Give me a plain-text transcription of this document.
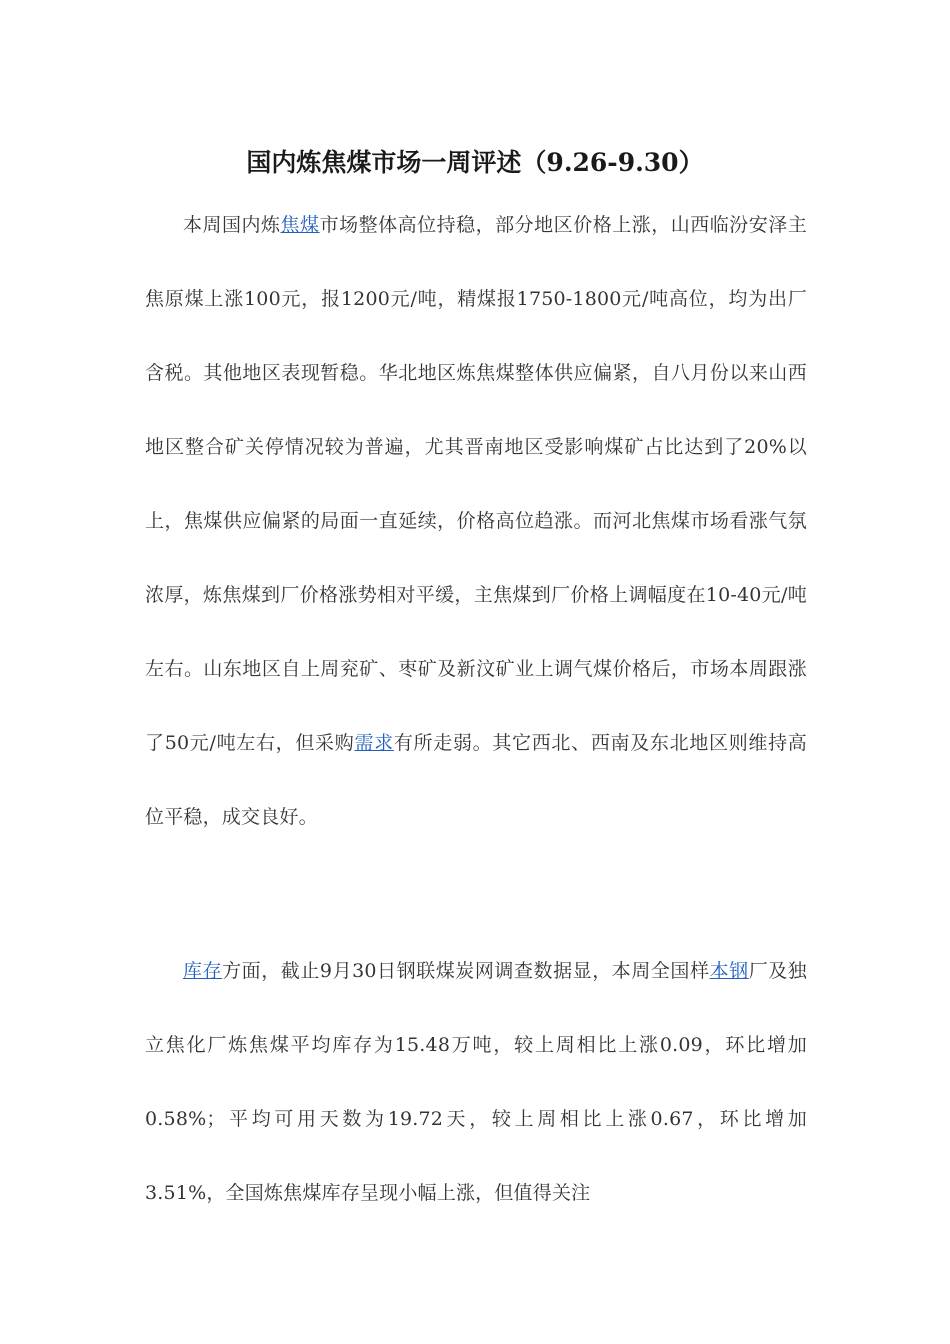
国内炼焦煤市场一周评述（9.26-9.30）

本周国内炼焦煤市场整体高位持稳，部分地区价格上涨，山西临汾安泽主焦原煤上涨100元，报1200元/吨，精煤报1750-1800元/吨高位，均为出厂含税。其他地区表现暂稳。华北地区炼焦煤整体供应偏紧，自八月份以来山西地区整合矿关停情况较为普遍，尤其晋南地区受影响煤矿占比达到了20%以上，焦煤供应偏紧的局面一直延续，价格高位趋涨。而河北焦煤市场看涨气氛浓厚，炼焦煤到厂价格涨势相对平缓，主焦煤到厂价格上调幅度在10-40元/吨左右。山东地区自上周兖矿、枣矿及新汶矿业上调气煤价格后，市场本周跟涨了50元/吨左右，但采购需求有所走弱。其它西北、西南及东北地区则维持高位平稳，成交良好。

库存方面，截止9月30日钢联煤炭网调查数据显，本周全国样本钢厂及独立焦化厂炼焦煤平均库存为15.48万吨，较上周相比上涨0.09，环比增加0.58%；平均可用天数为19.72天，较上周相比上涨0.67，环比增加3.51%，全国炼焦煤库存呈现小幅上涨，但值得关注
